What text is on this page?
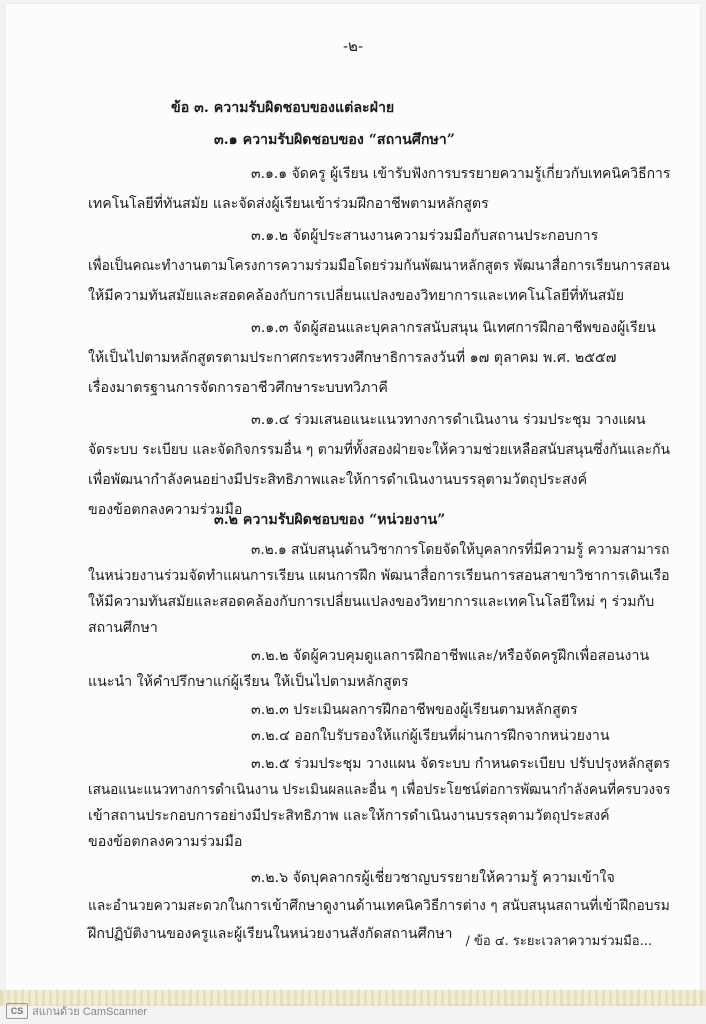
-๒-
ข้อ ๓. ความรับผิดชอบของแต่ละฝ่าย
๓.๑ ความรับผิดชอบของ “สถานศึกษา”
๓.๑.๑ จัดครู ผู้เรียน เข้ารับฟังการบรรยายความรู้เกี่ยวกับเทคนิควิธีการ
เทคโนโลยีที่ทันสมัย และจัดส่งผู้เรียนเข้าร่วมฝึกอาชีพตามหลักสูตร
๓.๑.๒ จัดผู้ประสานงานความร่วมมือกับสถานประกอบการ
เพื่อเป็นคณะทำงานตามโครงการความร่วมมือโดยร่วมกันพัฒนาหลักสูตร พัฒนาสื่อการเรียนการสอน
ให้มีความทันสมัยและสอดคล้องกับการเปลี่ยนแปลงของวิทยาการและเทคโนโลยีที่ทันสมัย
๓.๑.๓ จัดผู้สอนและบุคลากรสนับสนุน นิเทศการฝึกอาชีพของผู้เรียน
ให้เป็นไปตามหลักสูตรตามประกาศกระทรวงศึกษาธิการลงวันที่ ๑๗ ตุลาคม พ.ศ. ๒๕๕๗
เรื่องมาตรฐานการจัดการอาชีวศึกษาระบบทวิภาคี
๓.๑.๔ ร่วมเสนอแนะแนวทางการดำเนินงาน ร่วมประชุม วางแผน
จัดระบบ ระเบียบ และจัดกิจกรรมอื่น ๆ ตามที่ทั้งสองฝ่ายจะให้ความช่วยเหลือสนับสนุนซึ่งกันและกัน
เพื่อพัฒนากำลังคนอย่างมีประสิทธิภาพและให้การดำเนินงานบรรลุตามวัตถุประสงค์
ของข้อตกลงความร่วมมือ
๓.๒ ความรับผิดชอบของ “หน่วยงาน”
๓.๒.๑ สนับสนุนด้านวิชาการโดยจัดให้บุคลากรที่มีความรู้ ความสามารถ
ในหน่วยงานร่วมจัดทำแผนการเรียน แผนการฝึก พัฒนาสื่อการเรียนการสอนสาขาวิชาการเดินเรือ
ให้มีความทันสมัยและสอดคล้องกับการเปลี่ยนแปลงของวิทยาการและเทคโนโลยีใหม่ ๆ ร่วมกับ
สถานศึกษา
๓.๒.๒ จัดผู้ควบคุมดูแลการฝึกอาชีพและ/หรือจัดครูฝึกเพื่อสอนงาน
แนะนำ ให้คำปรึกษาแก่ผู้เรียน ให้เป็นไปตามหลักสูตร
๓.๒.๓ ประเมินผลการฝึกอาชีพของผู้เรียนตามหลักสูตร
๓.๒.๔ ออกใบรับรองให้แก่ผู้เรียนที่ผ่านการฝึกจากหน่วยงาน
๓.๒.๕ ร่วมประชุม วางแผน จัดระบบ กำหนดระเบียบ ปรับปรุงหลักสูตร
เสนอแนะแนวทางการดำเนินงาน ประเมินผลและอื่น ๆ เพื่อประโยชน์ต่อการพัฒนากำลังคนที่ครบวงจร
เข้าสถานประกอบการอย่างมีประสิทธิภาพ และให้การดำเนินงานบรรลุตามวัตถุประสงค์
ของข้อตกลงความร่วมมือ
๓.๒.๖ จัดบุคลากรผู้เชี่ยวชาญบรรยายให้ความรู้ ความเข้าใจ
และอำนวยความสะดวกในการเข้าศึกษาดูงานด้านเทคนิควิธีการต่าง ๆ สนับสนุนสถานที่เข้าฝึกอบรม
ฝึกปฏิบัติงานของครูและผู้เรียนในหน่วยงานสังกัดสถานศึกษา / ข้อ ๔. ระยะเวลาความร่วมมือ...
CS สแกนด้วย CamScanner
